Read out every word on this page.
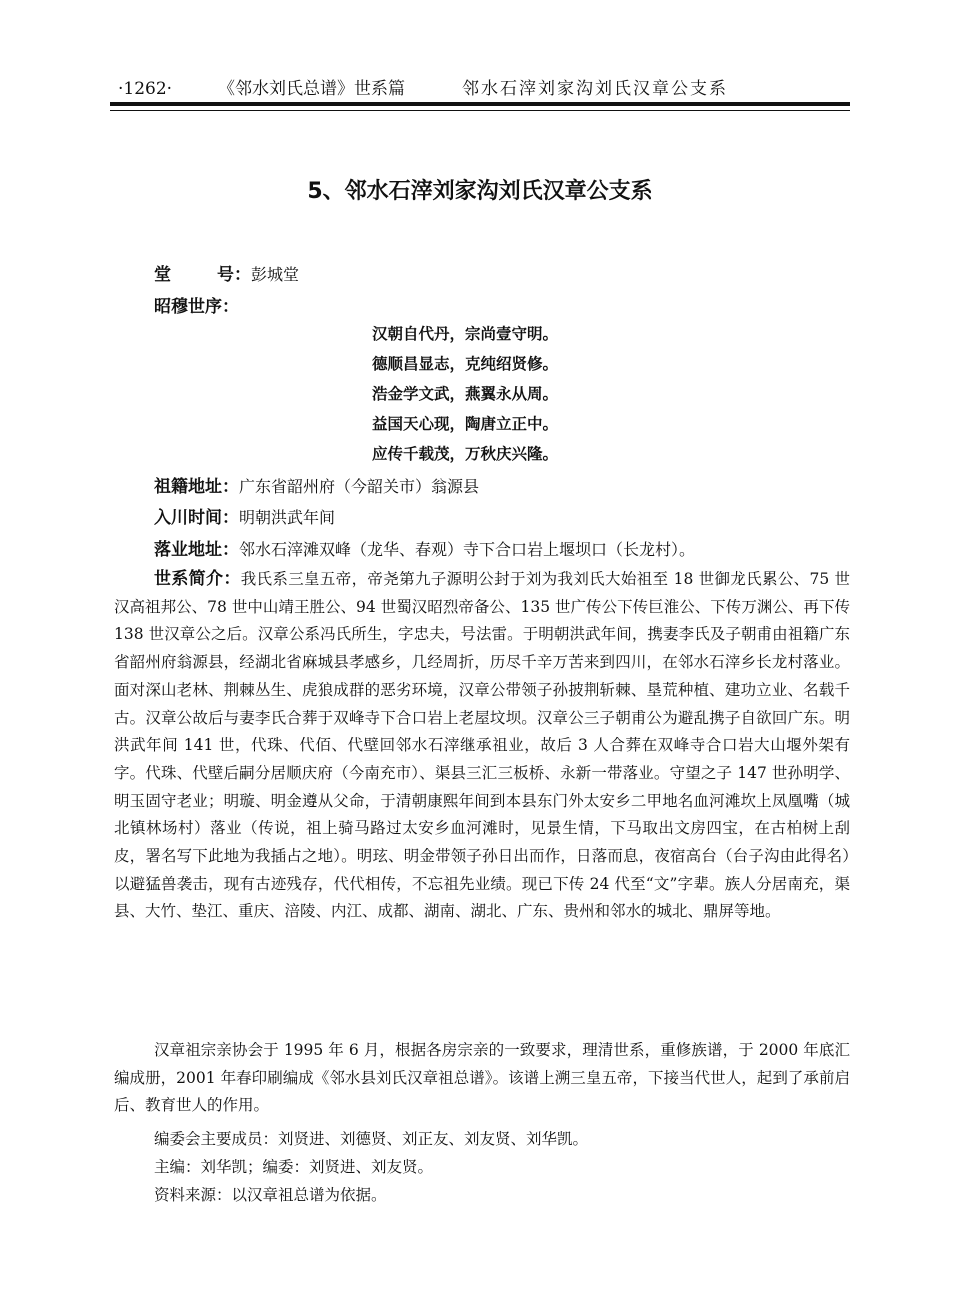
·1262·	《邻水刘氏总谱》世系篇	邻水石滓刘家沟刘氏汉章公支系
5、邻水石滓刘家沟刘氏汉章公支系
堂	号：彭城堂
昭穆世序：
汉朝自代丹，宗尚壹守明。
德顺昌显志，克纯绍贤修。
浩金学文武，燕翼永从周。
益国天心现，陶唐立正中。
应传千载茂，万秋庆兴隆。
祖籍地址：广东省韶州府（今韶关市）翁源县
入川时间：明朝洪武年间
落业地址：邻水石滓滩双峰（龙华、春观）寺下合口岩上堰坝口（长龙村）。

世系简介：我氏系三皇五帝，帝尧第九子源明公封于刘为我刘氏大始祖至 18 世御龙氏累公、75 世汉高祖邦公、78 世中山靖王胜公、94 世蜀汉昭烈帝备公、135 世广传公下传巨淮公、下传万渊公、再下传 138 世汉章公之后。汉章公系冯氏所生，字忠夫，号法雷。于明朝洪武年间，携妻李氏及子朝甫由祖籍广东省韶州府翁源县，经湖北省麻城县孝感乡，几经周折，历尽千辛万苦来到四川，在邻水石滓乡长龙村落业。面对深山老林、荆棘丛生、虎狼成群的恶劣环境，汉章公带领子孙披荆斩棘、垦荒种植、建功立业、名载千古。汉章公故后与妻李氏合葬于双峰寺下合口岩上老屋坟坝。汉章公三子朝甫公为避乱携子自欲回广东。明洪武年间 141 世，代珠、代佰、代壁回邻水石滓继承祖业，故后 3 人合葬在双峰寺合口岩大山堰外架有字。代珠、代壁后嗣分居顺庆府（今南充市）、渠县三汇三板桥、永新一带落业。守望之子 147 世孙明学、明玉固守老业；明璇、明金遵从父命，于清朝康熙年间到本县东门外太安乡二甲地名血河滩坎上凤凰嘴（城北镇林场村）落业（传说，祖上骑马路过太安乡血河滩时，见景生情，下马取出文房四宝，在古柏树上刮皮，署名写下此地为我插占之地）。明玹、明金带领子孙日出而作，日落而息，夜宿高台（台子沟由此得名）以避猛兽袭击，现有古迹残存，代代相传，不忘祖先业绩。现已下传 24 代至“文”字辈。族人分居南充，渠县、大竹、垫江、重庆、涪陵、内江、成都、湖南、湖北、广东、贵州和邻水的城北、鼎屏等地。

汉章祖宗亲协会于 1995 年 6 月，根据各房宗亲的一致要求，理清世系，重修族谱，于 2000 年底汇编成册，2001 年春印刷编成《邻水县刘氏汉章祖总谱》。该谱上溯三皇五帝，下接当代世人，起到了承前启后、教育世人的作用。

编委会主要成员：刘贤进、刘德贤、刘正友、刘友贤、刘华凯。
主编：刘华凯；编委：刘贤进、刘友贤。
资料来源：以汉章祖总谱为依据。
